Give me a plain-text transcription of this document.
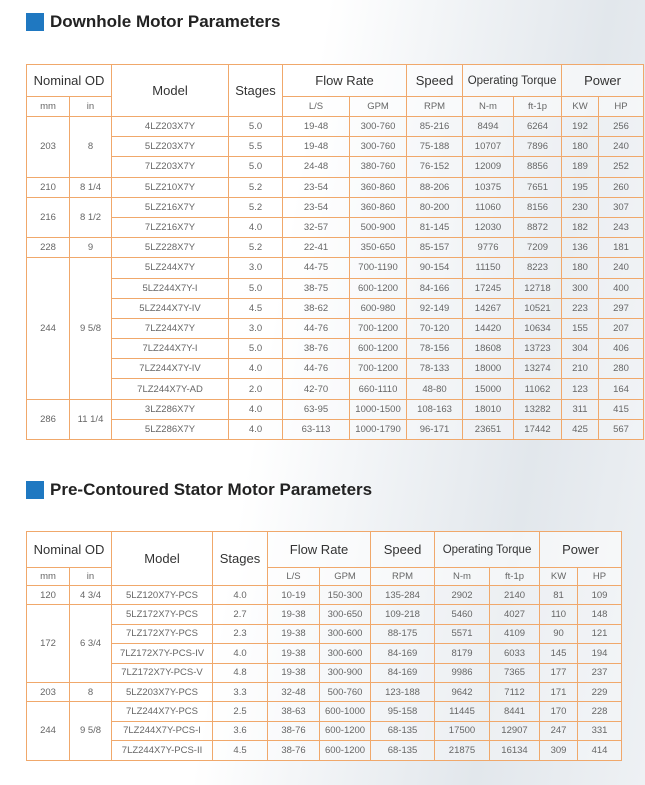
Downhole Motor Parameters
Nominal OD		Model	Stages	Flow Rate		Speed	Operating Torque		Power	
mm	in			L/S	GPM	RPM	N-m	ft-1p	KW	HP
203	8	4LZ203X7Y	5.0	19-48	300-760	85-216	8494	6264	192	256
		5LZ203X7Y	5.5	19-48	300-760	75-188	10707	7896	180	240
		7LZ203X7Y	5.0	24-48	380-760	76-152	12009	8856	189	252
210	8 1/4	5LZ210X7Y	5.2	23-54	360-860	88-206	10375	7651	195	260
216	8 1/2	5LZ216X7Y	5.2	23-54	360-860	80-200	11060	8156	230	307
		7LZ216X7Y	4.0	32-57	500-900	81-145	12030	8872	182	243
228	9	5LZ228X7Y	5.2	22-41	350-650	85-157	9776	7209	136	181
244	9 5/8	5LZ244X7Y	3.0	44-75	700-1190	90-154	11150	8223	180	240
		5LZ244X7Y-I	5.0	38-75	600-1200	84-166	17245	12718	300	400
		5LZ244X7Y-IV	4.5	38-62	600-980	92-149	14267	10521	223	297
		7LZ244X7Y	3.0	44-76	700-1200	70-120	14420	10634	155	207
		7LZ244X7Y-I	5.0	38-76	600-1200	78-156	18608	13723	304	406
		7LZ244X7Y-IV	4.0	44-76	700-1200	78-133	18000	13274	210	280
		7LZ244X7Y-AD	2.0	42-70	660-1110	48-80	15000	11062	123	164
286	11 1/4	3LZ286X7Y	4.0	63-95	1000-1500	108-163	18010	13282	311	415
		5LZ286X7Y	4.0	63-113	1000-1790	96-171	23651	17442	425	567
Pre-Contoured Stator Motor Parameters
Nominal OD		Model	Stages	Flow Rate		Speed	Operating Torque		Power	
mm	in			L/S	GPM	RPM	N-m	ft-1p	KW	HP
120	4 3/4	5LZ120X7Y-PCS	4.0	10-19	150-300	135-284	2902	2140	81	109
172	6 3/4	5LZ172X7Y-PCS	2.7	19-38	300-650	109-218	5460	4027	110	148
		7LZ172X7Y-PCS	2.3	19-38	300-600	88-175	5571	4109	90	121
		7LZ172X7Y-PCS-IV	4.0	19-38	300-600	84-169	8179	6033	145	194
		7LZ172X7Y-PCS-V	4.8	19-38	300-900	84-169	9986	7365	177	237
203	8	5LZ203X7Y-PCS	3.3	32-48	500-760	123-188	9642	7112	171	229
244	9 5/8	7LZ244X7Y-PCS	2.5	38-63	600-1000	95-158	11445	8441	170	228
		7LZ244X7Y-PCS-I	3.6	38-76	600-1200	68-135	17500	12907	247	331
		7LZ244X7Y-PCS-II	4.5	38-76	600-1200	68-135	21875	16134	309	414
